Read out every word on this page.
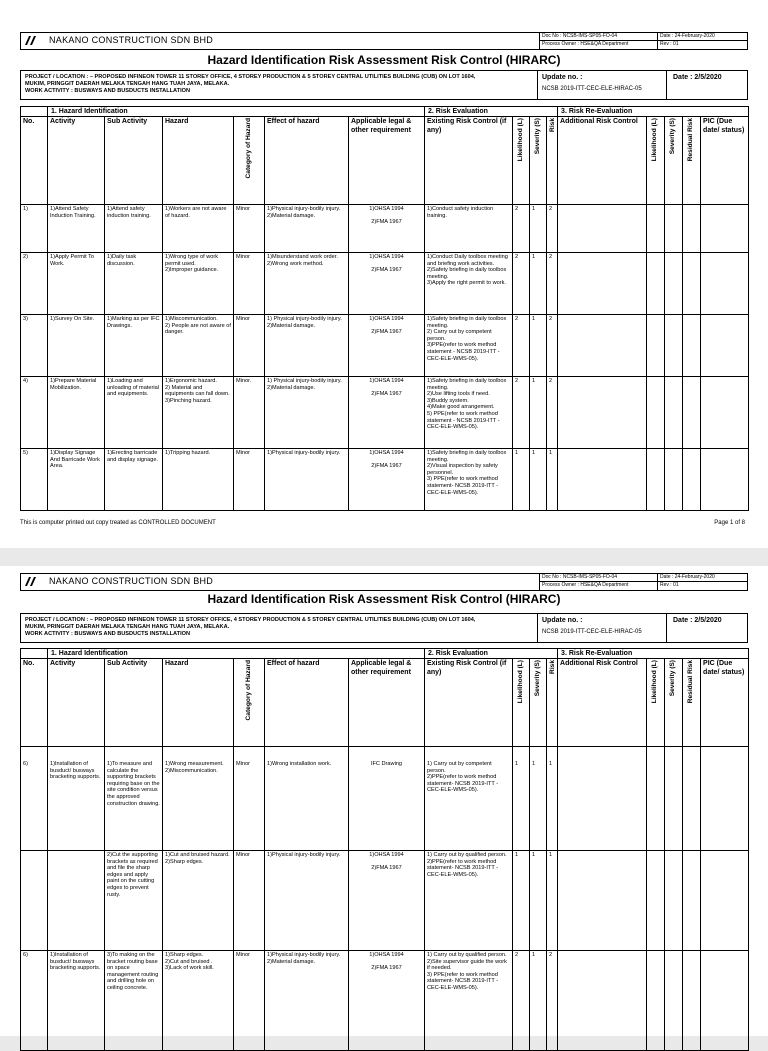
NAKANO CONSTRUCTION SDN BHD	Doc No : NCSB-IMS-SP05-FO-04
Process Owner : HSE&QA Department
Date : 24-February-2020
Rev : 01
Hazard Identification Risk Assessment Risk Control (HIRARC)
PROJECT / LOCATION : – PROPOSED INFINEON TOWER 11 STOREY OFFICE, 4 STOREY PRODUCTION & 5 STOREY CENTRAL UTILITIES BUILDING (CUB) ON LOT 1604,
MUKIM, PRINGGIT DAERAH MELAKA TENGAH HANG TUAH JAYA, MELAKA.
WORK ACTIVITY : BUSWAYS AND BUSDUCTS INSTALLATION
Update no. :
NCSB 2019-ITT-CEC-ELE-HIRAC-05
Date : 2/5/2020
	1. Hazard Identification						2. Risk Evaluation				3. Risk Re-Evaluation				
No.	Activity	Sub Activity	Hazard	Category of Hazard	Effect of hazard	Applicable legal & other requirement	Existing Risk Control (if any)	Likelihood (L)	Severity (S)	Risk	Additional Risk Control	Likelihood (L)	Severity (S)	Residual Risk	PIC (Due date/ status)
1)	1)Attend Safety Induction Training.	1)Attend safety induction training.	1)Workers are not aware of hazard.	Minor	1)Physical injury-bodily injury.
2)Material damage.	1)OHSA 1994

2)FMA 1967	1)Conduct safety induction training.	2	1	2					
2)	1)Apply Permit To Work.	1)Daily task discussion.	1)Wrong type of work permit used.
2)Improper guidance.	Minor	1)Misunderstand work order.
2)Wrong work method.	1)OHSA 1994

2)FMA 1967	1)Conduct Daily toolbox meeting and briefing work activities.
2)Safety briefing in daily toolbox meeting.
3)Apply the right permit to work.	2	1	2					
3)	1)Survey On Site.	1)Marking as per IFC Drawings.	1)Miscommunication.
2) People are not aware of danger.	Minor	1) Physical injury-bodily injury.
2)Material damage.	1)OHSA 1994

2)FMA 1967	1)Safety briefing in daily toolbox meeting.
2) Carry out by competent person.
3)PPE(refer to work method statement - NCSB 2019-ITT -CEC-ELE-WMS-05).	2	1	2					
4)	1)Prepare Material Mobilization.	1)Loading and unloading of material and equipments.	1)Ergonomic hazard.
2) Material and equipments can fall down.
3)Pinching hazard.	Minor.	1) Physical injury-bodily injury.
2)Material damage.	1)OHSA 1994

2)FMA 1967	1)Safety briefing in daily toolbox meeting.
2)Use lifting tools if need.
3)Buddy system.
4)Make good arrangement.
5) PPE(refer to work method statement - NCSB 2019-ITT -CEC-ELE-WMS-05).	2	1	2					
5)	1)Display Signage And Barricade Work Area.	1)Erecting barricade and display signage.	1)Tripping hazard.	Minor	1)Physical injury-bodily injury.	1)OHSA 1994

2)FMA 1967	1)Safety briefing in daily toolbox meeting.
2)Visual inspection by safety personnel.
3) PPE(refer to work method statement- NCSB 2019-ITT -CEC-ELE-WMS-05).	1	1	1					
This is computer printed out copy treated as CONTROLLED DOCUMENT	Page 1 of 8
NAKANO CONSTRUCTION SDN BHD	Doc No : NCSB-IMS-SP05-FO-04
Process Owner : HSE&QA Department
Date : 24-February-2020
Rev : 01
Hazard Identification Risk Assessment Risk Control (HIRARC)
PROJECT / LOCATION : – PROPOSED INFINEON TOWER 11 STOREY OFFICE, 4 STOREY PRODUCTION & 5 STOREY CENTRAL UTILITIES BUILDING (CUB) ON LOT 1604,
MUKIM, PRINGGIT DAERAH MELAKA TENGAH HANG TUAH JAYA, MELAKA.
WORK ACTIVITY : BUSWAYS AND BUSDUCTS INSTALLATION
Update no. :
NCSB 2019-ITT-CEC-ELE-HIRAC-05
Date : 2/5/2020
	1. Hazard Identification						2. Risk Evaluation				3. Risk Re-Evaluation				
No.	Activity	Sub Activity	Hazard	Category of Hazard	Effect of hazard	Applicable legal & other requirement	Existing Risk Control (if any)	Likelihood (L)	Severity (S)	Risk	Additional Risk Control	Likelihood (L)	Severity (S)	Residual Risk	PIC (Due date/ status)
6)	1)Installation of busduct/ busways bracketing supports.	1)To measure and calculate the supporting brackets requiring base on the site condition versus the approved construction drawing.	1)Wrong measurement.
2)Miscommunication.	Minor	1)Wrong installation work.	IFC Drawing	1) Carry out by competent person.
2)PPE(refer to work method statement- NCSB 2019-ITT -CEC-ELE-WMS-05).	1	1	1					
		2)Cut the supporting brackets as required and file the sharp edges and apply paint on the cutting edges to prevent rusty.	1)Cut and bruised hazard.
2)Sharp edges.	Minor	1)Physical injury-bodily injury.	1)OHSA 1994

2)FMA 1967	1) Carry out by qualified person.
2)PPE(refer to work method statement- NCSB 2019-ITT -CEC-ELE-WMS-05).	1	1	1					
6)	1)Installation of busduct/ busways bracketing supports.	3)To making on the bracket routing base on space management routing and drilling hole on ceiling concrete.	1)Sharp edges.
2)Cut and bruised .
3)Lack of work skill.	Minor	1)Physical injury-bodily injury.
2)Material damage.	1)OHSA 1994

2)FMA 1967	1) Carry out by qualified person.
2)Site supervisor guide the work if needed.
3) PPE(refer to work method statement- NCSB 2019-ITT -CEC-ELE-WMS-05).	2	1	2					
